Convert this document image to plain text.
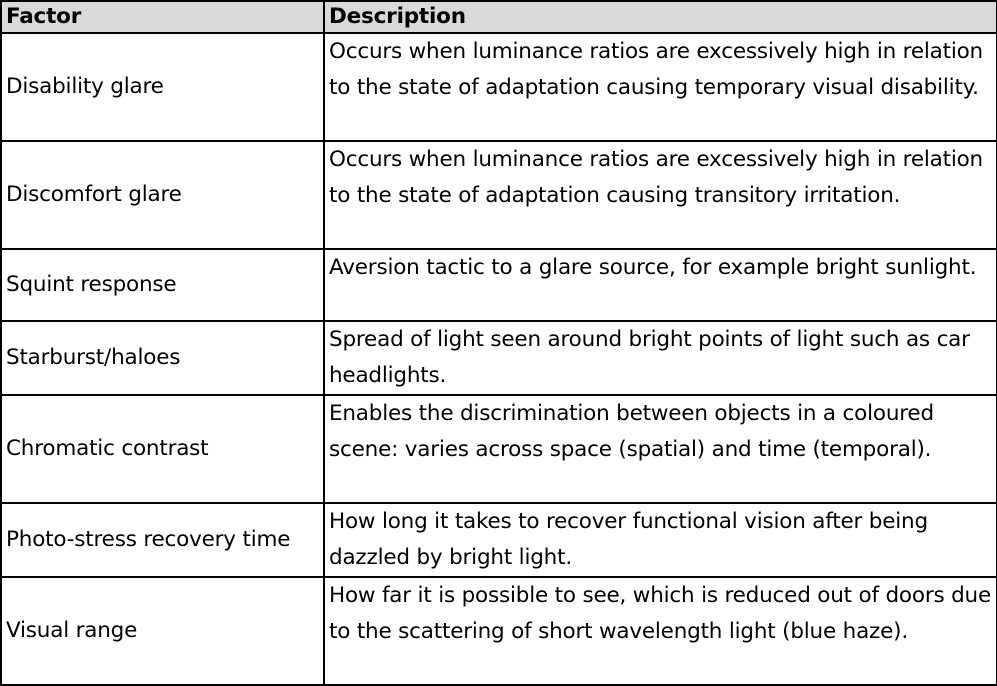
Factor	Description
Disability glare	Occurs when luminance ratios are excessively high in relation to the state of adaptation causing temporary visual disability.
Discomfort glare	Occurs when luminance ratios are excessively high in relation to the state of adaptation causing transitory irritation.
Squint response	Aversion tactic to a glare source, for example bright sunlight.
Starburst/haloes	Spread of light seen around bright points of light such as car headlights.
Chromatic contrast	Enables the discrimination between objects in a coloured scene: varies across space (spatial) and time (temporal).
Photo-stress recovery time	How long it takes to recover functional vision after being dazzled by bright light.
Visual range	How far it is possible to see, which is reduced out of doors due to the scattering of short wavelength light (blue haze).
